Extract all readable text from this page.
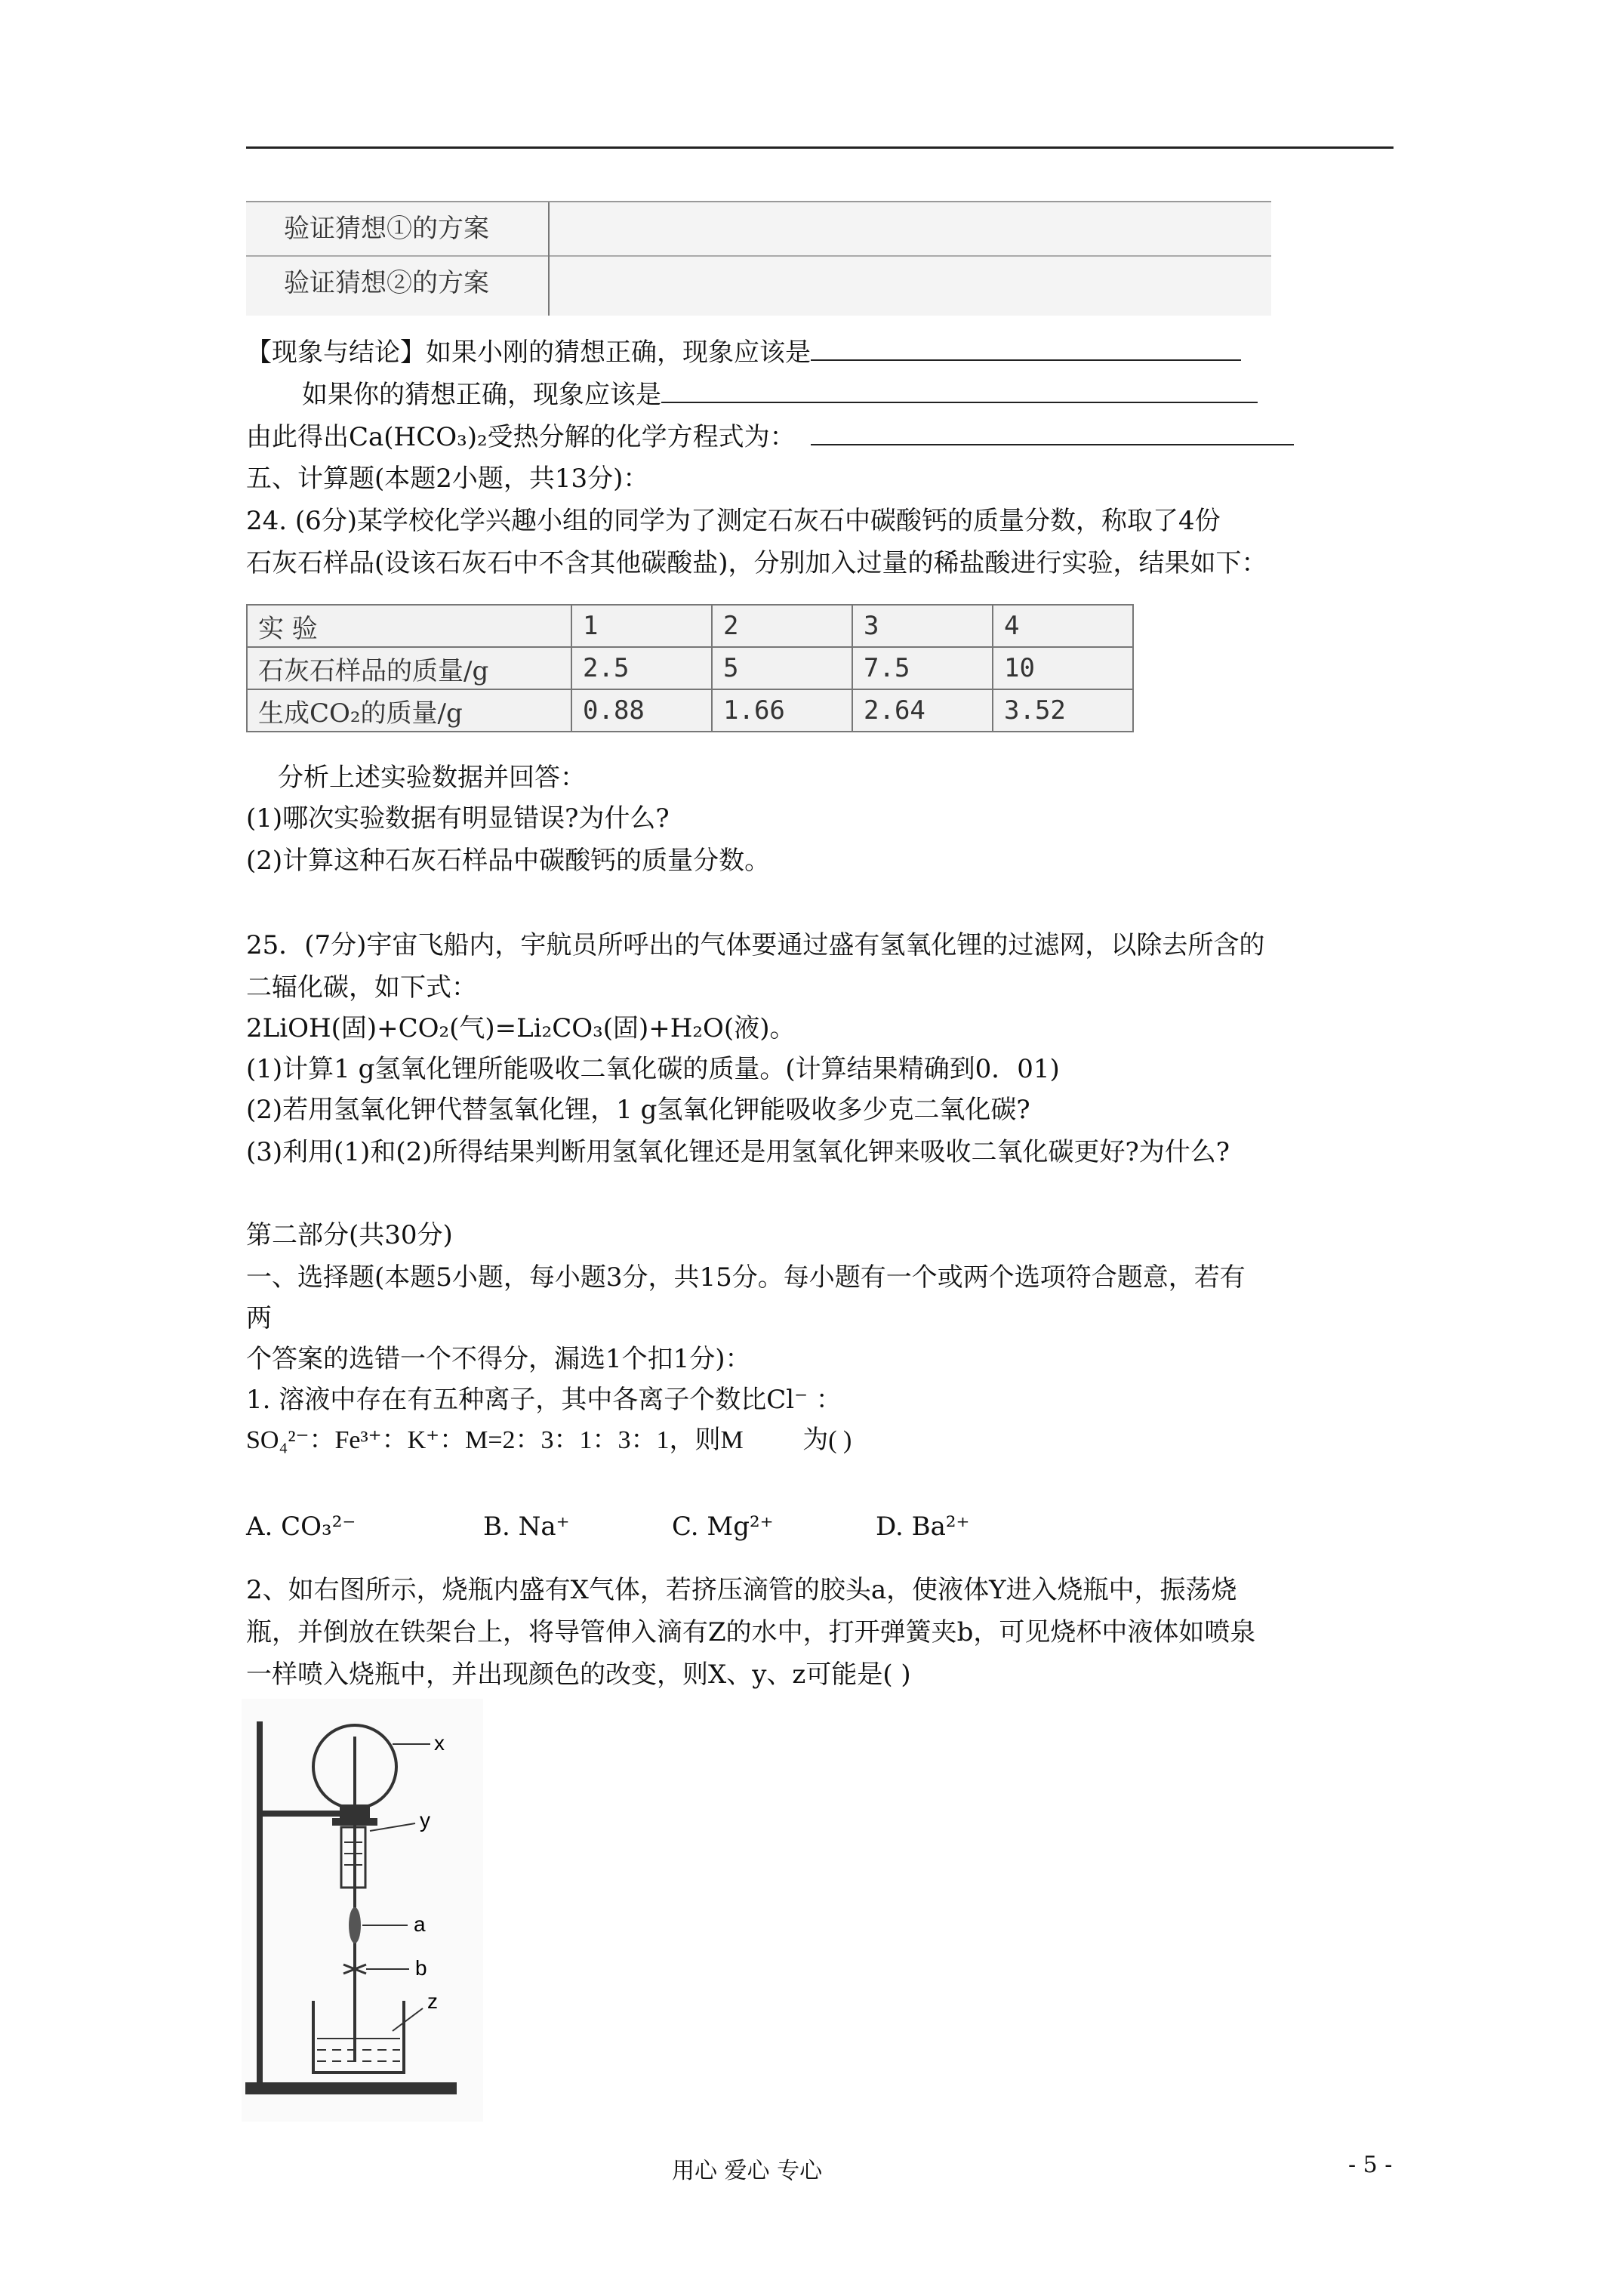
验证猜想①的方案
验证猜想②的方案
【现象与结论】如果小刚的猜想正确，现象应该是
如果你的猜想正确，现象应该是
由此得出Ca(HCO₃)₂受热分解的化学方程式为：
五、计算题(本题2小题，共13分)：
24. (6分)某学校化学兴趣小组的同学为了测定石灰石中碳酸钙的质量分数，称取了4份
石灰石样品(设该石灰石中不含其他碳酸盐)，分别加入过量的稀盐酸进行实验，结果如下：
实 验	1	2	3	4
石灰石样品的质量/g	2.5	5	7.5	10
生成CO₂的质量/g	0.88	1.66	2.64	3.52
分析上述实验数据并回答：
(1)哪次实验数据有明显错误?为什么?
(2)计算这种石灰石样品中碳酸钙的质量分数。
25．(7分)宇宙飞船内，宇航员所呼出的气体要通过盛有氢氧化锂的过滤网，以除去所含的
二辐化碳，如下式：
2LiOH(固)+CO₂(气)=Li₂CO₃(固)+H₂O(液)。
(1)计算1 g氢氧化锂所能吸收二氧化碳的质量。(计算结果精确到0．01)
(2)若用氢氧化钾代替氢氧化锂，1 g氢氧化钾能吸收多少克二氧化碳?
(3)利用(1)和(2)所得结果判断用氢氧化锂还是用氢氧化钾来吸收二氧化碳更好?为什么?
第二部分(共30分)
一、选择题(本题5小题，每小题3分，共15分。每小题有一个或两个选项符合题意，若有
两
个答案的选错一个不得分，漏选1个扣1分)：
1. 溶液中存在有五种离子，其中各离子个数比Cl⁻ ：
SO₄²⁻：Fe³⁺：K⁺：M=2：3：1：3：1，则M 为( )
A. CO₃²⁻	B. Na⁺	C. Mg²⁺	D. Ba²⁺
2、如右图所示，烧瓶内盛有X气体，若挤压滴管的胶头a，使液体Y进入烧瓶中，振荡烧
瓶，并倒放在铁架台上，将导管伸入滴有Z的水中，打开弹簧夹b，可见烧杯中液体如喷泉
一样喷入烧瓶中，并出现颜色的改变，则X、y、z可能是( )
x
y
a
b
z
用心 爱心 专心	- 5 -
